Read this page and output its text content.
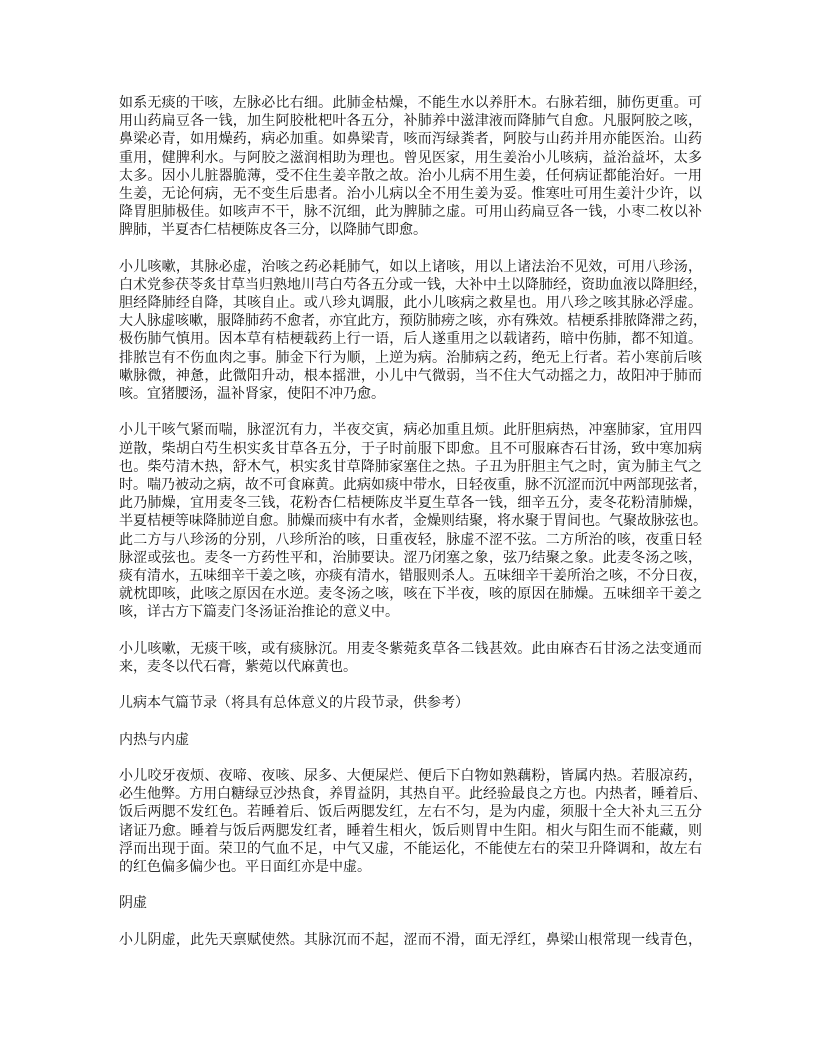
如系无痰的干咳，左脉必比右细。此肺金枯燥，不能生水以养肝木。右脉若细，肺伤更重。可
用山药扁豆各一钱，加生阿胶枇杷叶各五分，补肺养中滋津液而降肺气自愈。凡服阿胶之咳，
鼻梁必青，如用燥药，病必加重。如鼻梁青，咳而泻绿粪者，阿胶与山药并用亦能医治。山药
重用，健脾利水。与阿胶之滋润相助为理也。曾见医家，用生姜治小儿咳病，益治益坏，太多
太多。因小儿脏器脆薄，受不住生姜辛散之故。治小儿病不用生姜，任何病证都能治好。一用
生姜，无论何病，无不变生后患者。治小儿病以全不用生姜为妥。惟寒吐可用生姜汁少许，以
降胃胆肺极佳。如咳声不干，脉不沉细，此为脾肺之虚。可用山药扁豆各一钱，小枣二枚以补
脾肺，半夏杏仁桔梗陈皮各三分，以降肺气即愈。
小儿咳嗽，其脉必虚，治咳之药必耗肺气，如以上诸咳，用以上诸法治不见效，可用八珍汤，
白术党参茯苓炙甘草当归熟地川芎白芍各五分或一钱，大补中土以降肺经，资助血液以降胆经，
胆经降肺经自降，其咳自止。或八珍丸调服，此小儿咳病之救星也。用八珍之咳其脉必浮虚。
大人脉虚咳嗽，服降肺药不愈者，亦宜此方，预防肺痨之咳，亦有殊效。桔梗系排脓降滞之药，
极伤肺气慎用。因本草有桔梗载药上行一语，后人遂重用之以载诸药，暗中伤肺，都不知道。
排脓岂有不伤血肉之事。肺金下行为顺，上逆为病。治肺病之药，绝无上行者。若小寒前后咳
嗽脉微，神惫，此微阳升动，根本摇泄，小儿中气微弱，当不住大气动摇之力，故阳冲于肺而
咳。宜猪腰汤，温补肾家，使阳不冲乃愈。
小儿干咳气紧而喘，脉涩沉有力，半夜交寅，病必加重且烦。此肝胆病热，冲塞肺家，宜用四
逆散，柴胡白芍生枳实炙甘草各五分，于子时前服下即愈。且不可服麻杏石甘汤，致中寒加病
也。柴芍清木热，舒木气，枳实炙甘草降肺家塞住之热。子丑为肝胆主气之时，寅为肺主气之
时。喘乃被动之病，故不可食麻黄。此病如痰中带水，日轻夜重，脉不沉涩而沉中两部现弦者，
此乃肺燥，宜用麦冬三钱，花粉杏仁桔梗陈皮半夏生草各一钱，细辛五分，麦冬花粉清肺燥，
半夏桔梗等味降肺逆自愈。肺燥而痰中有水者，金燥则结聚，将水聚于胃间也。气聚故脉弦也。
此二方与八珍汤的分别，八珍所治的咳，日重夜轻，脉虚不涩不弦。二方所治的咳，夜重日轻
脉涩或弦也。麦冬一方药性平和，治肺要诀。涩乃闭塞之象，弦乃结聚之象。此麦冬汤之咳，
痰有清水，五味细辛干姜之咳，亦痰有清水，错服则杀人。五味细辛干姜所治之咳，不分日夜，
就枕即咳，此咳之原因在水逆。麦冬汤之咳，咳在下半夜，咳的原因在肺燥。五味细辛干姜之
咳，详古方下篇麦门冬汤证治推论的意义中。
小儿咳嗽，无痰干咳，或有痰脉沉。用麦冬紫菀炙草各二钱甚效。此由麻杏石甘汤之法变通而
来，麦冬以代石膏，紫菀以代麻黄也。
儿病本气篇节录（将具有总体意义的片段节录，供参考）
内热与内虚
小儿咬牙夜烦、夜啼、夜咳、尿多、大便屎烂、便后下白物如熟藕粉，皆属内热。若服凉药，
必生他弊。方用白糖绿豆沙热食，养胃益阴，其热自平。此经验最良之方也。内热者，睡着后、
饭后两腮不发红色。若睡着后、饭后两腮发红，左右不匀，是为内虚，须服十全大补丸三五分
诸证乃愈。睡着与饭后两腮发红者，睡着生相火，饭后则胃中生阳。相火与阳生而不能藏，则
浮而出现于面。荣卫的气血不足，中气又虚，不能运化，不能使左右的荣卫升降调和，故左右
的红色偏多偏少也。平日面红亦是中虚。
阴虚
小儿阴虚，此先天禀赋使然。其脉沉而不起，涩而不滑，面无浮红，鼻梁山根常现一线青色，
